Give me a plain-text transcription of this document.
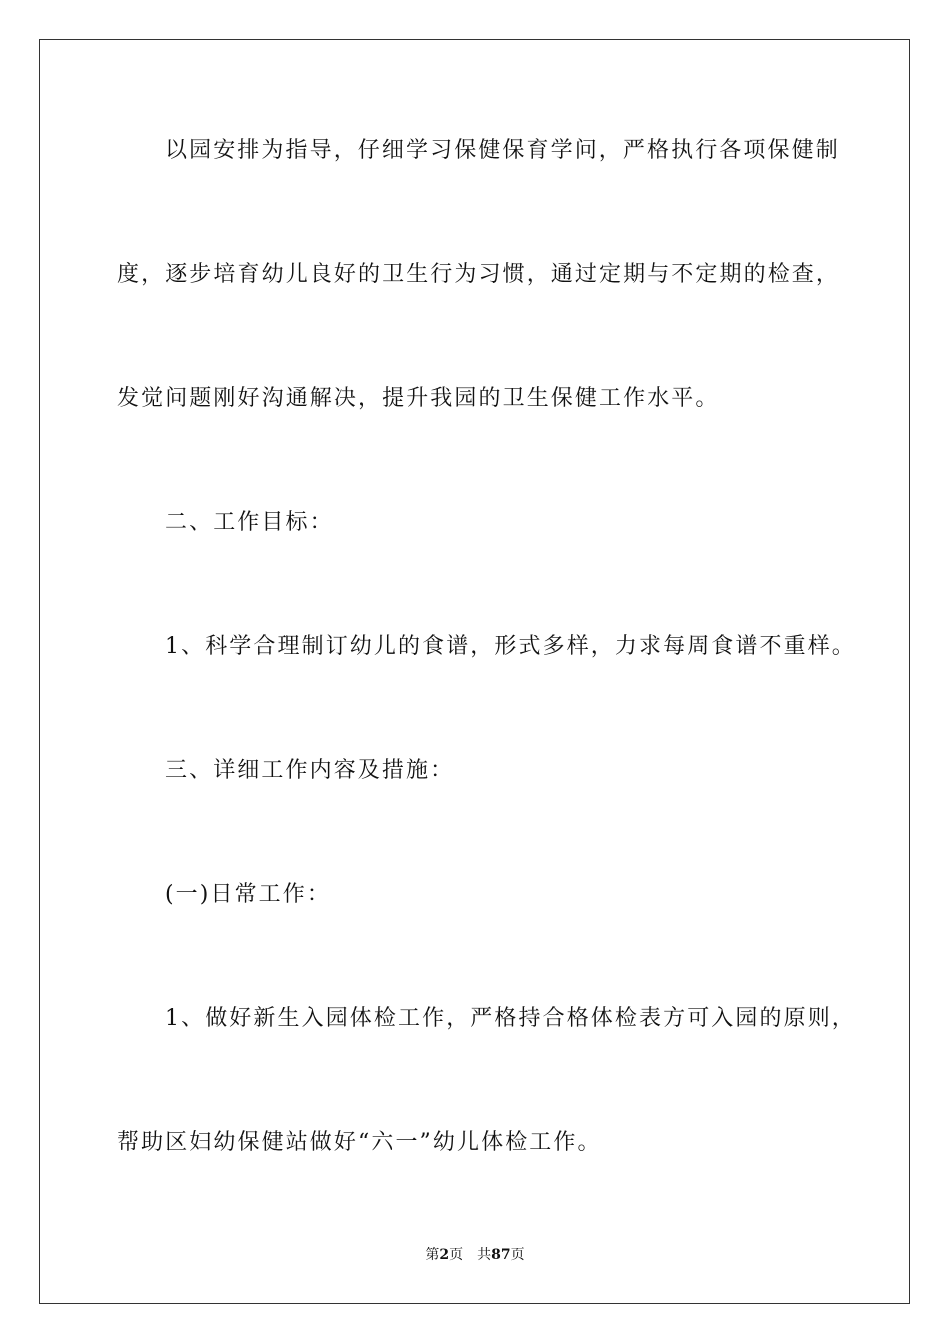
以园安排为指导，仔细学习保健保育学问，严格执行各项保健制

度，逐步培育幼儿良好的卫生行为习惯，通过定期与不定期的检查，

发觉问题刚好沟通解决，提升我园的卫生保健工作水平。

二、工作目标：

1、科学合理制订幼儿的食谱，形式多样，力求每周食谱不重样。

三、详细工作内容及措施：

(一)日常工作：

1、做好新生入园体检工作，严格持合格体检表方可入园的原则，

帮助区妇幼保健站做好“六一”幼儿体检工作。

第2页 共87页
